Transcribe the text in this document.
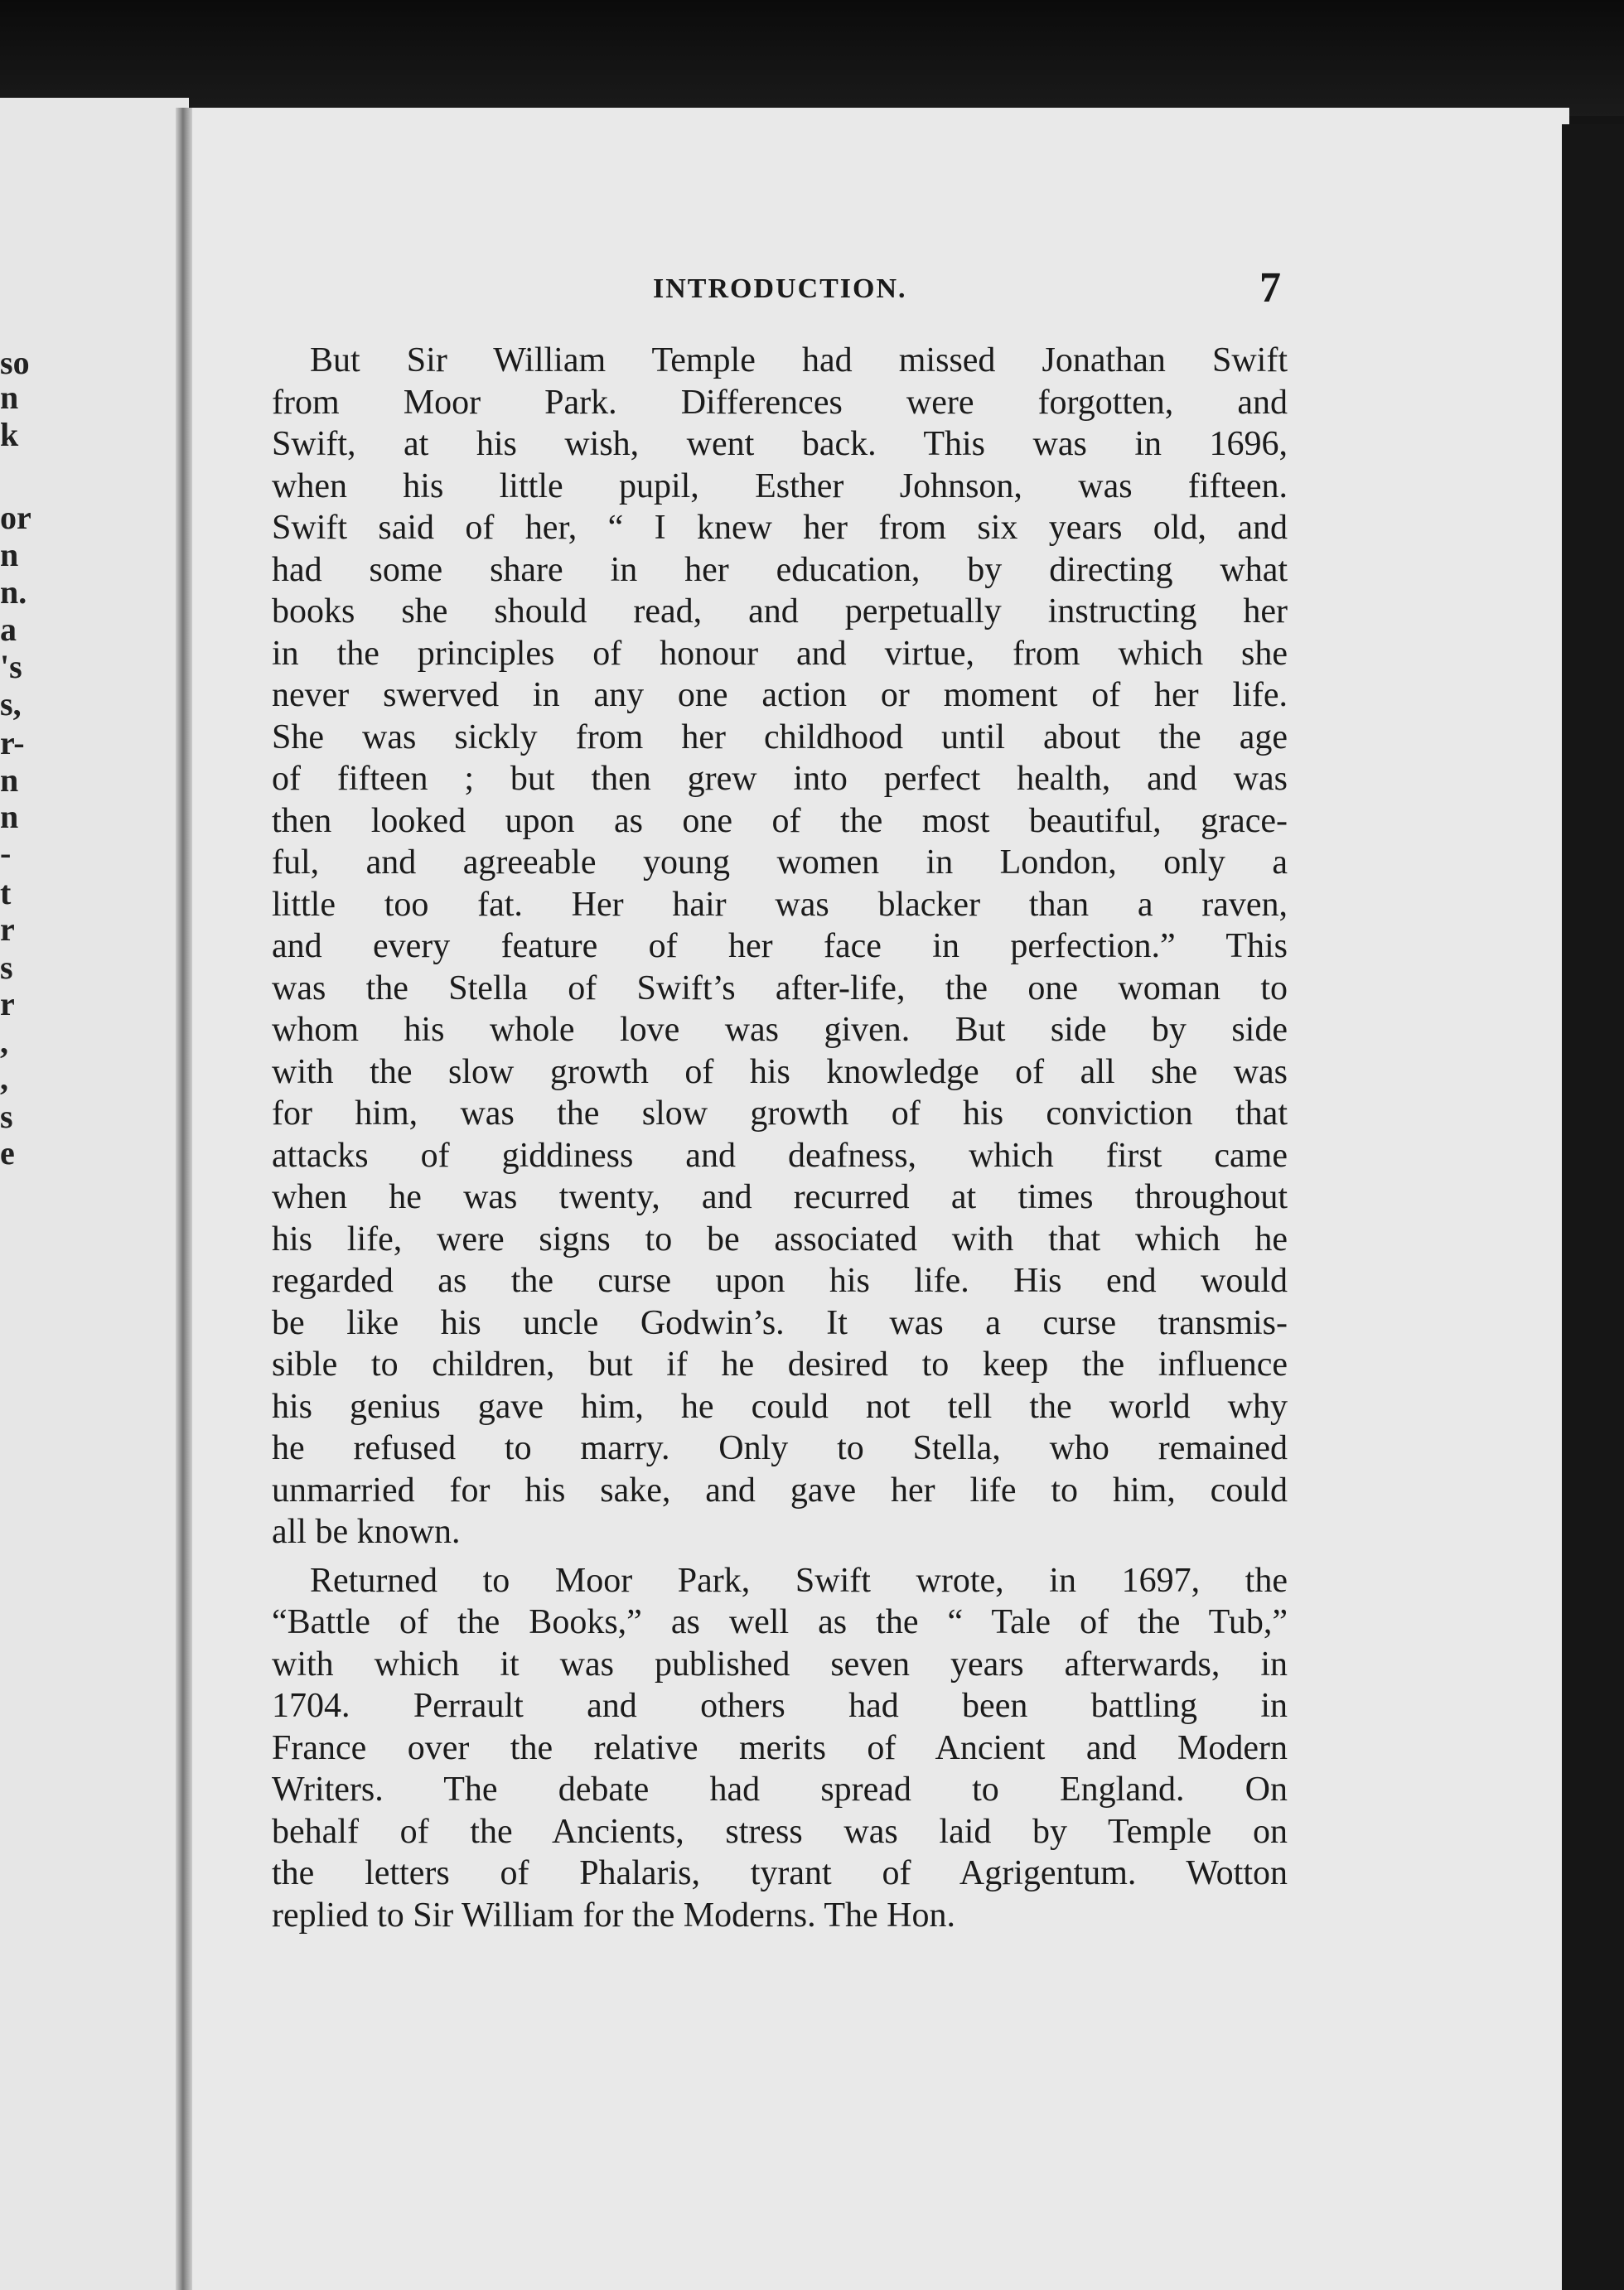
so
n
k
or
n
n.
a
's
s,
r-
n
n
-
t
r
s
r
,
,
s
e
INTRODUCTION.	7
But Sir William Temple had missed Jonathan Swift
from Moor Park. Differences were forgotten, and
Swift, at his wish, went back. This was in 1696,
when his little pupil, Esther Johnson, was fifteen.
Swift said of her, “ I knew her from six years old, and
had some share in her education, by directing what
books she should read, and perpetually instructing her
in the principles of honour and virtue, from which she
never swerved in any one action or moment of her life.
She was sickly from her childhood until about the age
of fifteen ; but then grew into perfect health, and was
then looked upon as one of the most beautiful, grace-
ful, and agreeable young women in London, only a
little too fat. Her hair was blacker than a raven,
and every feature of her face in perfection.” This
was the Stella of Swift’s after-life, the one woman to
whom his whole love was given. But side by side
with the slow growth of his knowledge of all she was
for him, was the slow growth of his conviction that
attacks of giddiness and deafness, which first came
when he was twenty, and recurred at times throughout
his life, were signs to be associated with that which he
regarded as the curse upon his life. His end would
be like his uncle Godwin’s. It was a curse transmis-
sible to children, but if he desired to keep the influence
his genius gave him, he could not tell the world why
he refused to marry. Only to Stella, who remained
unmarried for his sake, and gave her life to him, could
all be known.
Returned to Moor Park, Swift wrote, in 1697, the
“Battle of the Books,” as well as the “ Tale of the Tub,”
with which it was published seven years afterwards, in
1704. Perrault and others had been battling in
France over the relative merits of Ancient and Modern
Writers. The debate had spread to England. On
behalf of the Ancients, stress was laid by Temple on
the letters of Phalaris, tyrant of Agrigentum. Wotton
replied to Sir William for the Moderns. The Hon.
